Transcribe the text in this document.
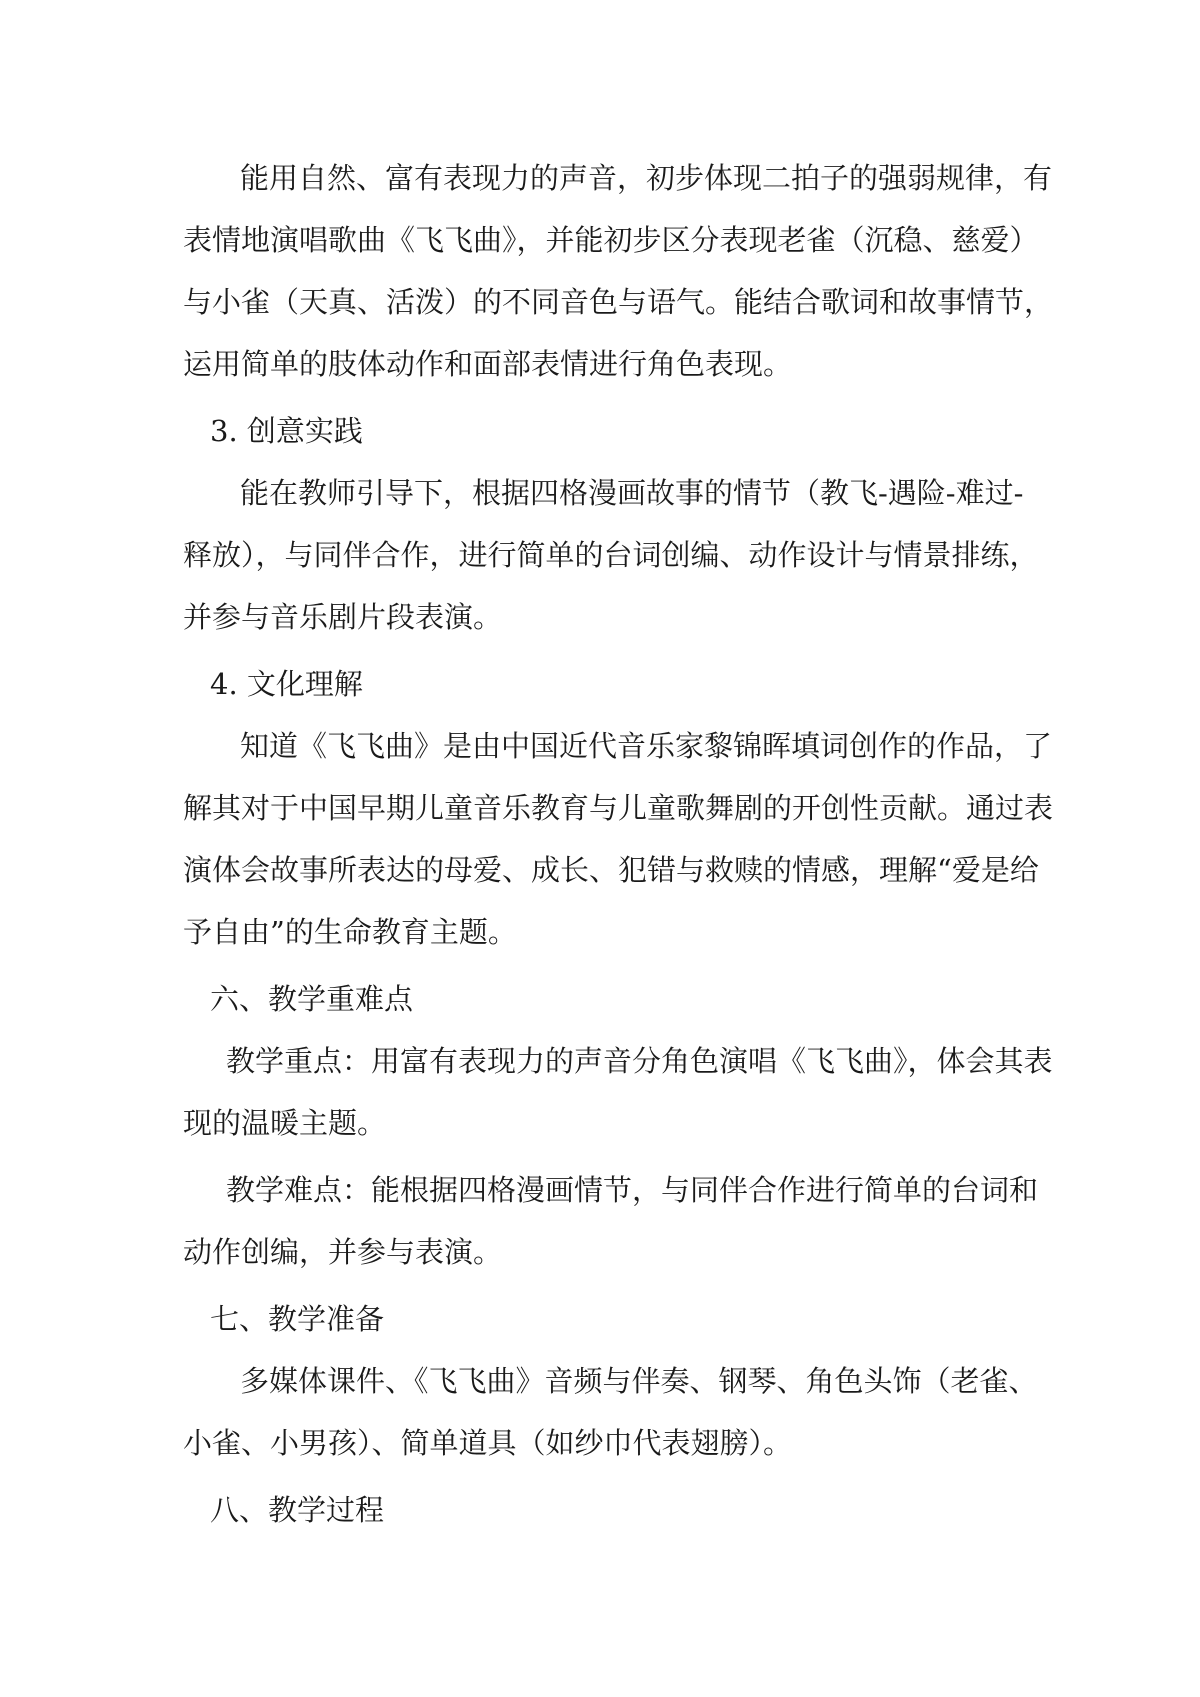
能用自然、富有表现力的声音，初步体现二拍子的强弱规律，有
表情地演唱歌曲《飞飞曲》，并能初步区分表现老雀（沉稳、慈爱）
与小雀（天真、活泼）的不同音色与语气。能结合歌词和故事情节，
运用简单的肢体动作和面部表情进行角色表现。
3. 创意实践
能在教师引导下，根据四格漫画故事的情节（教飞-遇险-难过-
释放），与同伴合作，进行简单的台词创编、动作设计与情景排练，
并参与音乐剧片段表演。
4. 文化理解
知道《飞飞曲》是由中国近代音乐家黎锦晖填词创作的作品，了
解其对于中国早期儿童音乐教育与儿童歌舞剧的开创性贡献。通过表
演体会故事所表达的母爱、成长、犯错与救赎的情感，理解“爱是给
予自由”的生命教育主题。
六、教学重难点
教学重点：用富有表现力的声音分角色演唱《飞飞曲》，体会其表
现的温暖主题。
教学难点：能根据四格漫画情节，与同伴合作进行简单的台词和
动作创编，并参与表演。
七、教学准备
多媒体课件、《飞飞曲》音频与伴奏、钢琴、角色头饰（老雀、
小雀、小男孩）、简单道具（如纱巾代表翅膀）。
八、教学过程
